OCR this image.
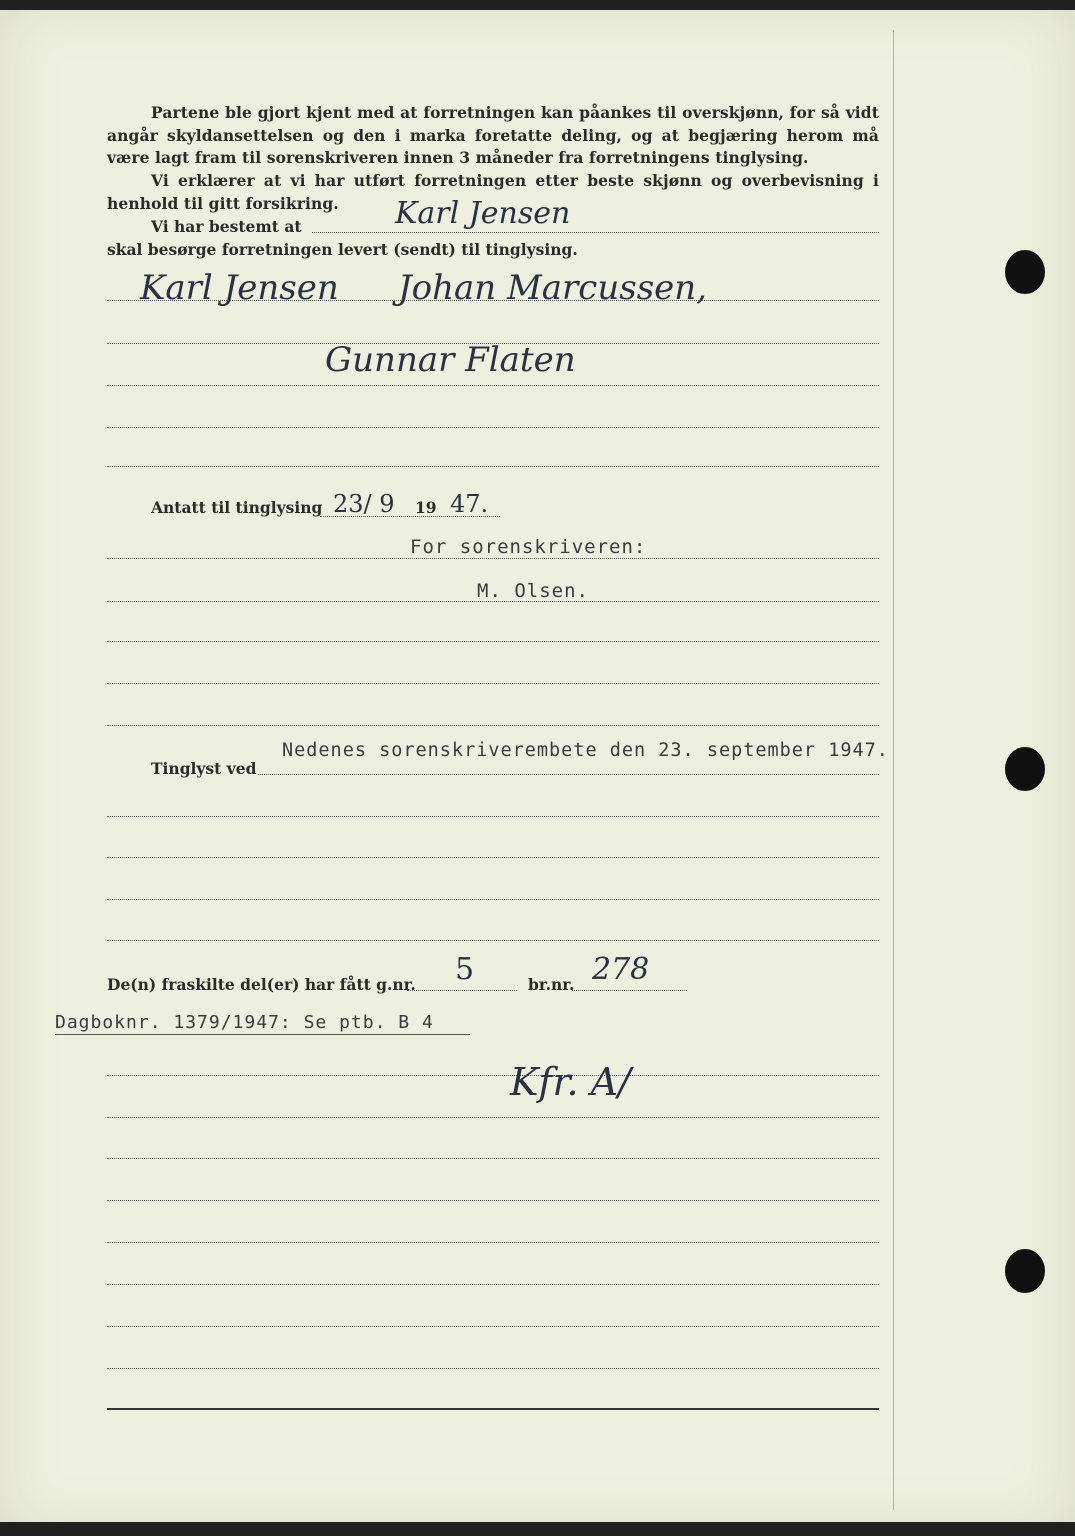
Partene ble gjort kjent med at forretningen kan påankes til overskjønn, for så vidt angår skyldansettelsen og den i marka foretatte deling, og at begjæring herom må være lagt fram til sorenskriveren innen 3 måneder fra forretningens tinglysing.
Vi erklærer at vi har utført forretningen etter beste skjønn og overbevisning i henhold til gitt forsikring.
Vi har bestemt at	Karl Jensen
skal besørge forretningen levert (sendt) til tinglysing.
Karl Jensen Johan Marcussen,
Gunnar Flaten
Antatt til tinglysing 23/ 9 19 47.
For sorenskriveren:
M. Olsen.
Tinglyst ved
Nedenes sorenskriverembete den 23. september 1947.
De(n) fraskilte del(er) har fått g.nr. 5	br.nr. 278
Dagboknr. 1379/1947: Se ptb. B 4
Kfr. A/
